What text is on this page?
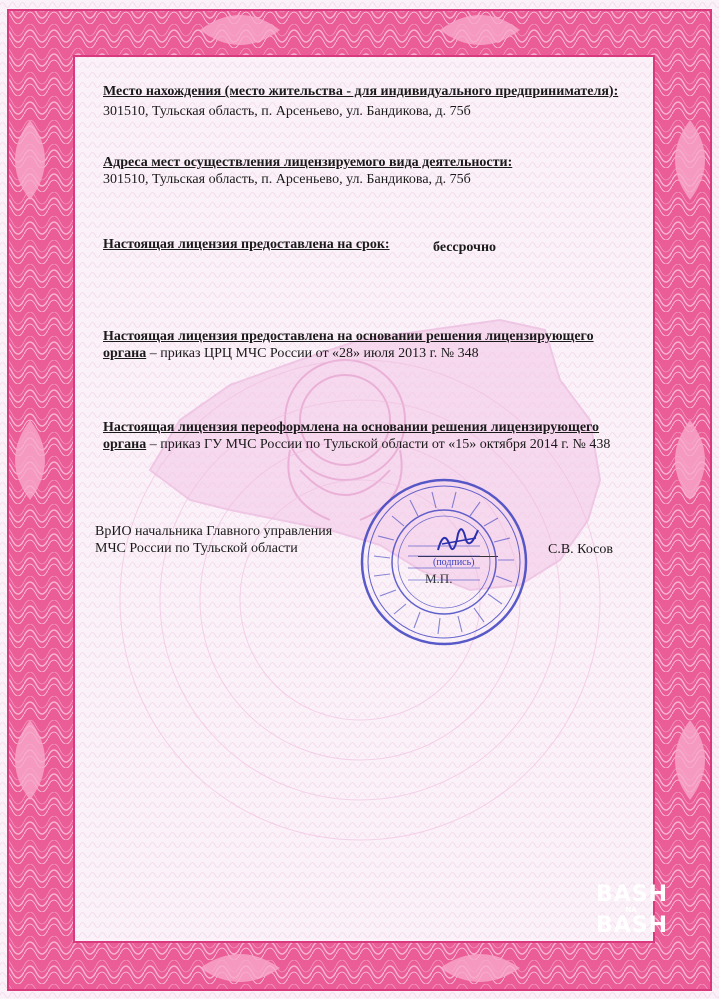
Место нахождения (место жительства - для индивидуального предпринимателя):
301510, Тульская область, п. Арсеньево, ул. Бандикова, д. 75б
Адреса мест осуществления лицензируемого вида деятельности:
301510, Тульская область, п. Арсеньево, ул. Бандикова, д. 75б
Настоящая лицензия предоставлена на срок:	бессрочно
Настоящая лицензия предоставлена на основании решения лицензирующего
органа – приказ ЦРЦ МЧС России от «28» июля 2013 г. № 348
Настоящая лицензия переоформлена на основании решения лицензирующего
органа – приказ ГУ МЧС России по Тульской области от «15» октября 2014 г. № 438
ВрИО начальника Главного управления
МЧС России по Тульской области	С.В. Косов
(подпись)
М.П.
BASH
NA
BASH
